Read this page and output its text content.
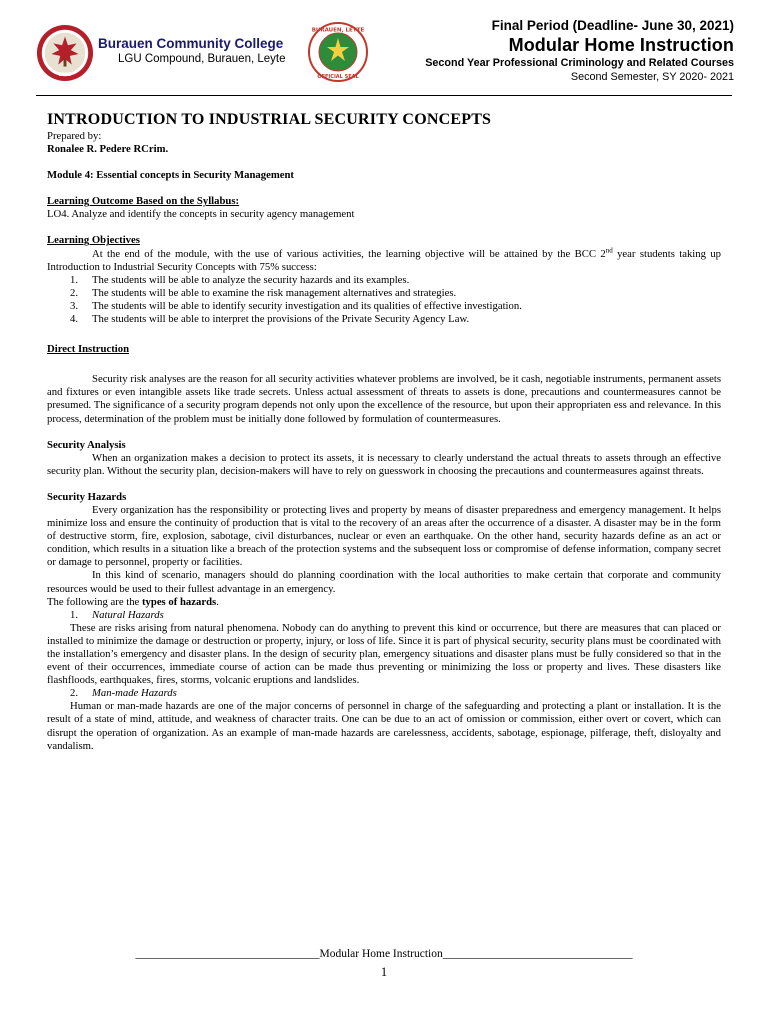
2018
Burauen Community College
LGU Compound, Burauen, Leyte
BURAUEN, LEYTE
OFFICIAL SEAL
Final Period (Deadline- June 30, 2021)
Modular Home Instruction
Second Year Professional Criminology and Related Courses
Second Semester, SY 2020- 2021
INTRODUCTION TO INDUSTRIAL SECURITY CONCEPTS
Prepared by:
Ronalee R. Pedere RCrim.
Module 4: Essential concepts in Security Management
Learning Outcome Based on the Syllabus:
LO4. Analyze and identify the concepts in security agency management
Learning Objectives

At the end of the module, with the use of various activities, the learning objective will be attained by the BCC 2nd year students taking up Introduction to Industrial Security Concepts with 75% success:

1. The students will be able to analyze the security hazards and its examples.
2. The students will be able to examine the risk management alternatives and strategies.
3. The students will be able to identify security investigation and its qualities of effective investigation.
4. The students will be able to interpret the provisions of the Private Security Agency Law.
Direct Instruction

Security risk analyses are the reason for all security activities whatever problems are involved, be it cash, negotiable instruments, permanent assets and fixtures or even intangible assets like trade secrets. Unless actual assessment of threats to assets is done, precautions and countermeasures cannot be presumed. The significance of a security program depends not only upon the excellence of the resource, but upon their appropriaten ess and relevance. In this process, determination of the problem must be initially done followed by formulation of countermeasures.

Security Analysis

When an organization makes a decision to protect its assets, it is necessary to clearly understand the actual threats to assets through an effective security plan. Without the security plan, decision-makers will have to rely on guesswork in choosing the precautions and countermeasures against threats.

Security Hazards

Every organization has the responsibility or protecting lives and property by means of disaster preparedness and emergency management. It helps minimize loss and ensure the continuity of production that is vital to the recovery of an areas after the occurrence of a disaster. A disaster may be in the form of destructive storm, fire, explosion, sabotage, civil disturbances, nuclear or even an earthquake. On the other hand, security hazards define as an act or condition, which results in a situation like a breach of the protection systems and the subsequent loss or compromise of defense information, company secret or damage to personnel, property or facilities.

In this kind of scenario, managers should do planning coordination with the local authorities to make certain that corporate and community resources would be used to their fullest advantage in an emergency.

The following are the types of hazards.
1. Natural Hazards

These are risks arising from natural phenomena. Nobody can do anything to prevent this kind or occurrence, but there are measures that can placed or installed to minimize the damage or destruction or property, injury, or loss of life. Since it is part of physical security, security plans must be coordinated with the installation’s emergency and disaster plans. In the design of security plan, emergency situations and disaster plans must be fully considered so that in the event of their occurrences, immediate course of action can be made thus preventing or minimizing the loss or property and lives. These disasters like flashfloods, earthquakes, fires, storms, volcanic eruptions and landslides.

2. Man-made Hazards

Human or man-made hazards are one of the major concerns of personnel in charge of the safeguarding and protecting a plant or installation. It is the result of a state of mind, attitude, and weakness of character traits. One can be due to an act of omission or commission, either overt or covert, which can disrupt the operation of organization. As an example of man-made hazards are carelessness, accidents, sabotage, espionage, pilferage, theft, disloyalty and vandalism.

________________________________Modular Home Instruction_________________________________
1
